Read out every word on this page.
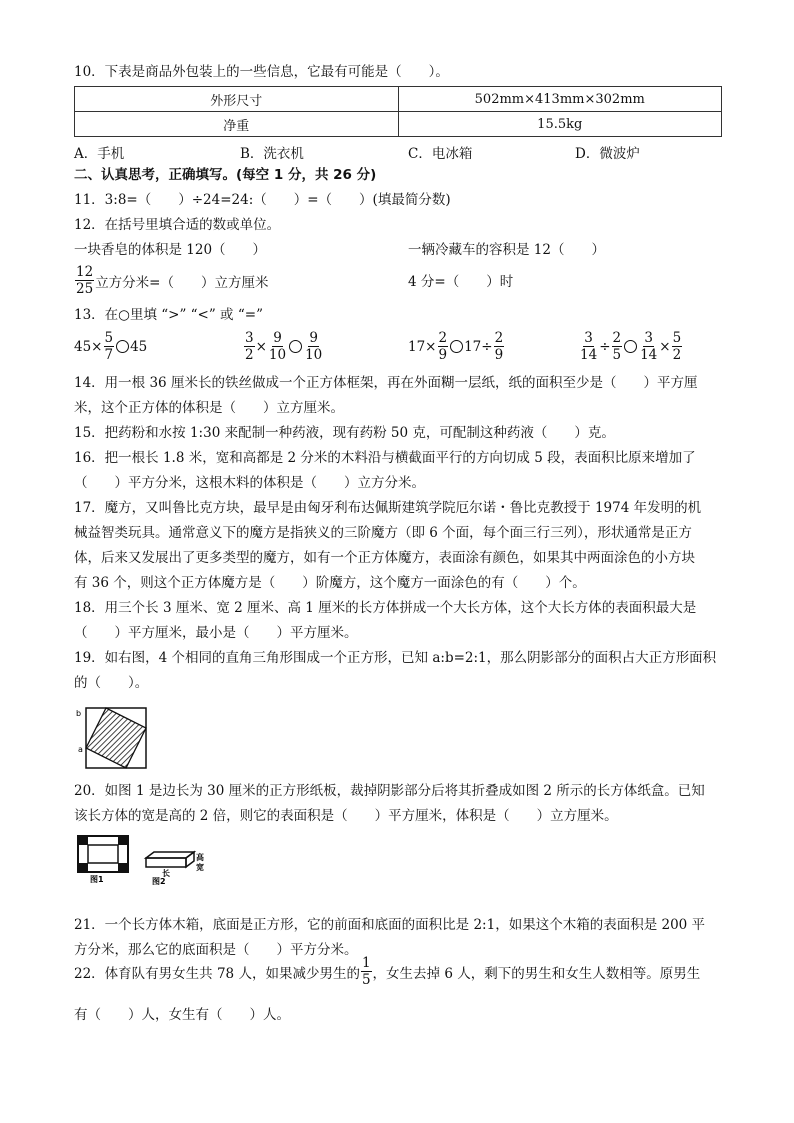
10．下表是商品外包装上的一些信息，它最有可能是（　　）。
外形尺寸	502mm×413mm×302mm
净重	15.5kg
A．手机	B．洗衣机	C．电冰箱	D．微波炉
二、认真思考，正确填写。(每空 1 分，共 26 分)
11．3:8=（　　）÷24=24:（　　）=（　　）(填最简分数)
12．在括号里填合适的数或单位。
一块香皂的体积是 120（　　）	一辆冷藏车的容积是 12（　　）
$\frac{12}{25}$ 立方分米=（　　）立方厘米	4 分=（　　）时
13．在○里填 “>” “<” 或 “=”
$45\times \frac{5}{7} 45$	$\frac{3}{2} \times \frac{9}{10} \frac{9}{10}$	$17\times \frac{2}{9} 17\div \frac{2}{9}$	$\frac{3}{14} \div \frac{2}{5} \frac{3}{14} \times \frac{5}{2}$
14．用一根 36 厘米长的铁丝做成一个正方体框架，再在外面糊一层纸，纸的面积至少是（　　）平方厘
米，这个正方体的体积是（　　）立方厘米。
15．把药粉和水按 1:30 来配制一种药液，现有药粉 50 克，可配制这种药液（　　）克。
16．把一根长 1.8 米，宽和高都是 2 分米的木料沿与横截面平行的方向切成 5 段，表面积比原来增加了
（　　）平方分米，这根木料的体积是（　　）立方分米。
17．魔方，又叫鲁比克方块，最早是由匈牙利布达佩斯建筑学院厄尔诺・鲁比克教授于 1974 年发明的机
械益智类玩具。通常意义下的魔方是指狭义的三阶魔方（即 6 个面，每个面三行三列），形状通常是正方
体，后来又发展出了更多类型的魔方，如有一个正方体魔方，表面涂有颜色，如果其中两面涂色的小方块
有 36 个，则这个正方体魔方是（　　）阶魔方，这个魔方一面涂色的有（　　）个。
18．用三个长 3 厘米、宽 2 厘米、高 1 厘米的长方体拼成一个大长方体，这个大长方体的表面积最大是
（　　）平方厘米，最小是（　　）平方厘米。
19．如右图，4 个相同的直角三角形围成一个正方形，已知 a:b=2:1，那么阴影部分的面积占大正方形面积
的（　　）。
b
a
20．如图 1 是边长为 30 厘米的正方形纸板，裁掉阴影部分后将其折叠成如图 2 所示的长方体纸盒。已知
该长方体的宽是高的 2 倍，则它的表面积是（　　）平方厘米，体积是（　　）立方厘米。
图1
高
宽
长
图2
21．一个长方体木箱，底面是正方形，它的前面和底面的面积比是 2:1，如果这个木箱的表面积是 200 平
方分米，那么它的底面积是（　　）平方分米。
22．体育队有男女生共 78 人，如果减少男生的 $\frac{1}{5}$ ，女生去掉 6 人，剩下的男生和女生人数相等。原男生
有（　　）人，女生有（　　）人。
